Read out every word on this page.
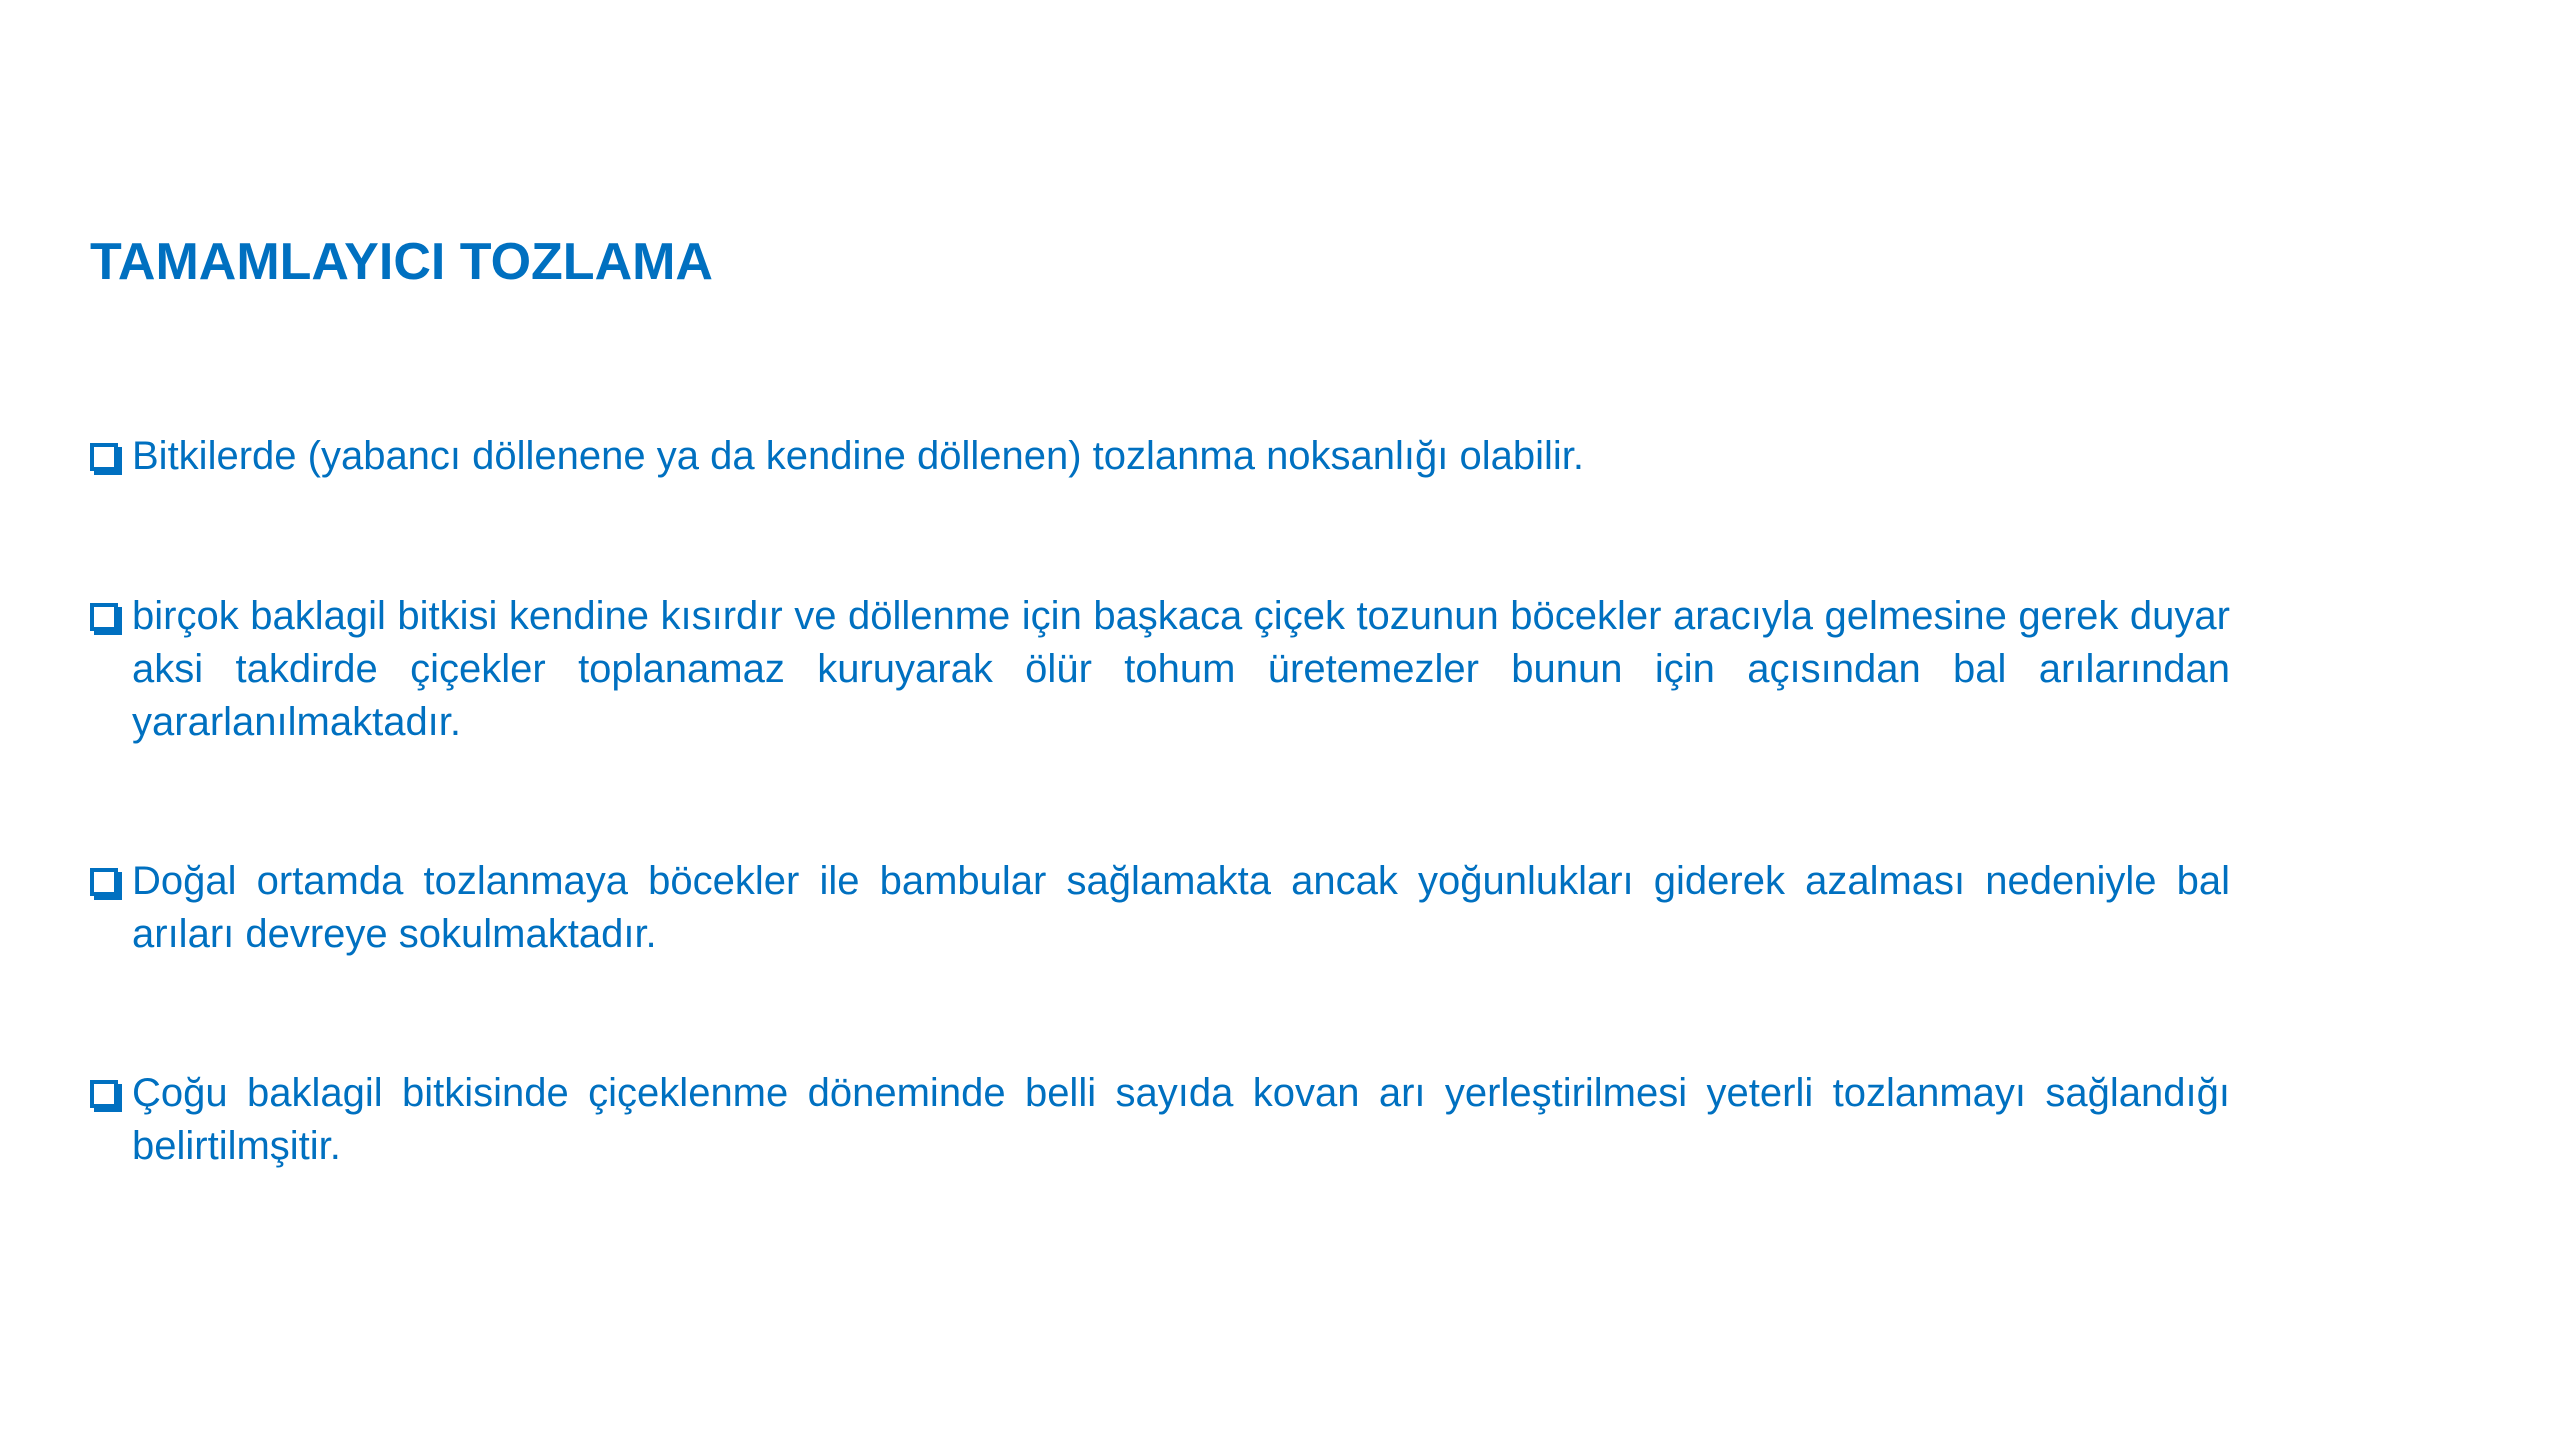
TAMAMLAYICI TOZLAMA
Bitkilerde (yabancı döllenene ya da kendine döllenen) tozlanma noksanlığı olabilir.
birçok baklagil bitkisi kendine kısırdır ve döllenme için başkaca çiçek tozunun böcekler aracıyla gelmesine gerek duyar aksi takdirde çiçekler toplanamaz kuruyarak ölür tohum üretemezler bunun için açısından bal arılarından yararlanılmaktadır.
Doğal ortamda tozlanmaya böcekler ile bambular sağlamakta ancak yoğunlukları giderek azalması nedeniyle bal arıları devreye sokulmaktadır.
Çoğu baklagil bitkisinde çiçeklenme döneminde belli sayıda kovan arı yerleştirilmesi yeterli tozlanmayı sağlandığı belirtilmşitir.
